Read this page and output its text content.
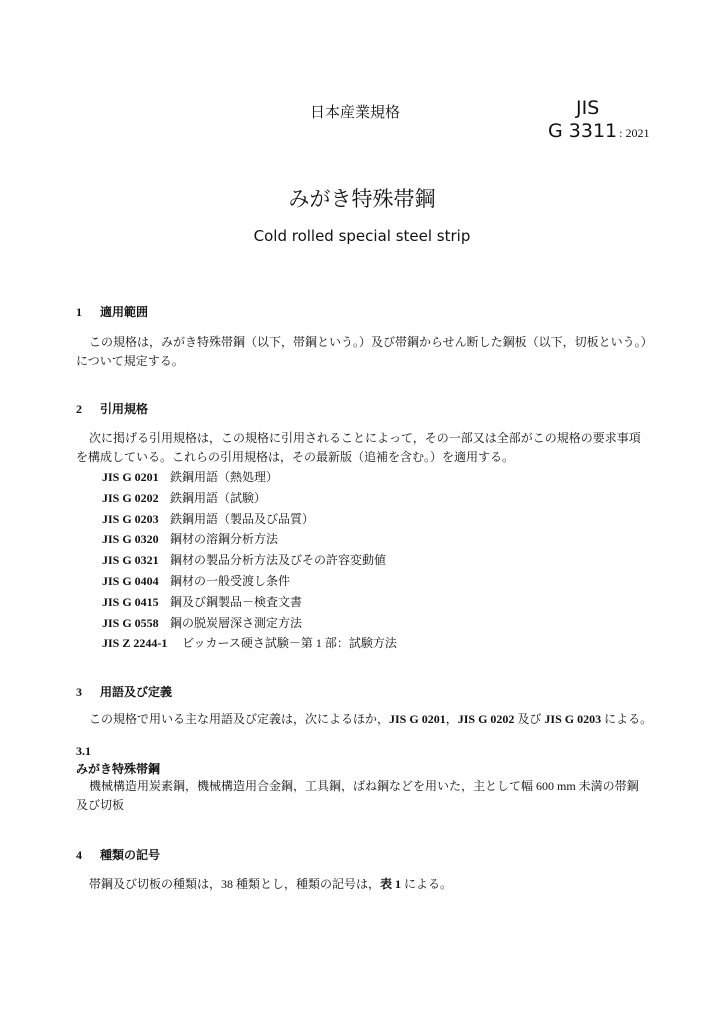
日本産業規格	JIS
G 3311 : 2021
みがき特殊帯鋼
Cold rolled special steel strip
1 適用範囲

この規格は，みがき特殊帯鋼（以下，帯鋼という。）及び帯鋼からせん断した鋼板（以下，切板という。）

について規定する。

2 引用規格

次に掲げる引用規格は，この規格に引用されることによって，その一部又は全部がこの規格の要求事項

を構成している。これらの引用規格は，その最新版（追補を含む。）を適用する。

JIS G 0201 鉄鋼用語（熱処理）
JIS G 0202 鉄鋼用語（試験）
JIS G 0203 鉄鋼用語（製品及び品質）
JIS G 0320 鋼材の溶鋼分析方法
JIS G 0321 鋼材の製品分析方法及びその許容変動値
JIS G 0404 鋼材の一般受渡し条件
JIS G 0415 鋼及び鋼製品－検査文書
JIS G 0558 鋼の脱炭層深さ測定方法
JIS Z 2244-1 ビッカース硬さ試験－第 1 部：試験方法
3 用語及び定義

この規格で用いる主な用語及び定義は，次によるほか，JIS G 0201，JIS G 0202 及び JIS G 0203 による。

3.1
みがき特殊帯鋼

機械構造用炭素鋼，機械構造用合金鋼，工具鋼，ばね鋼などを用いた，主として幅 600 mm 未満の帯鋼

及び切板

4 種類の記号

帯鋼及び切板の種類は，38 種類とし，種類の記号は，表 1 による。
